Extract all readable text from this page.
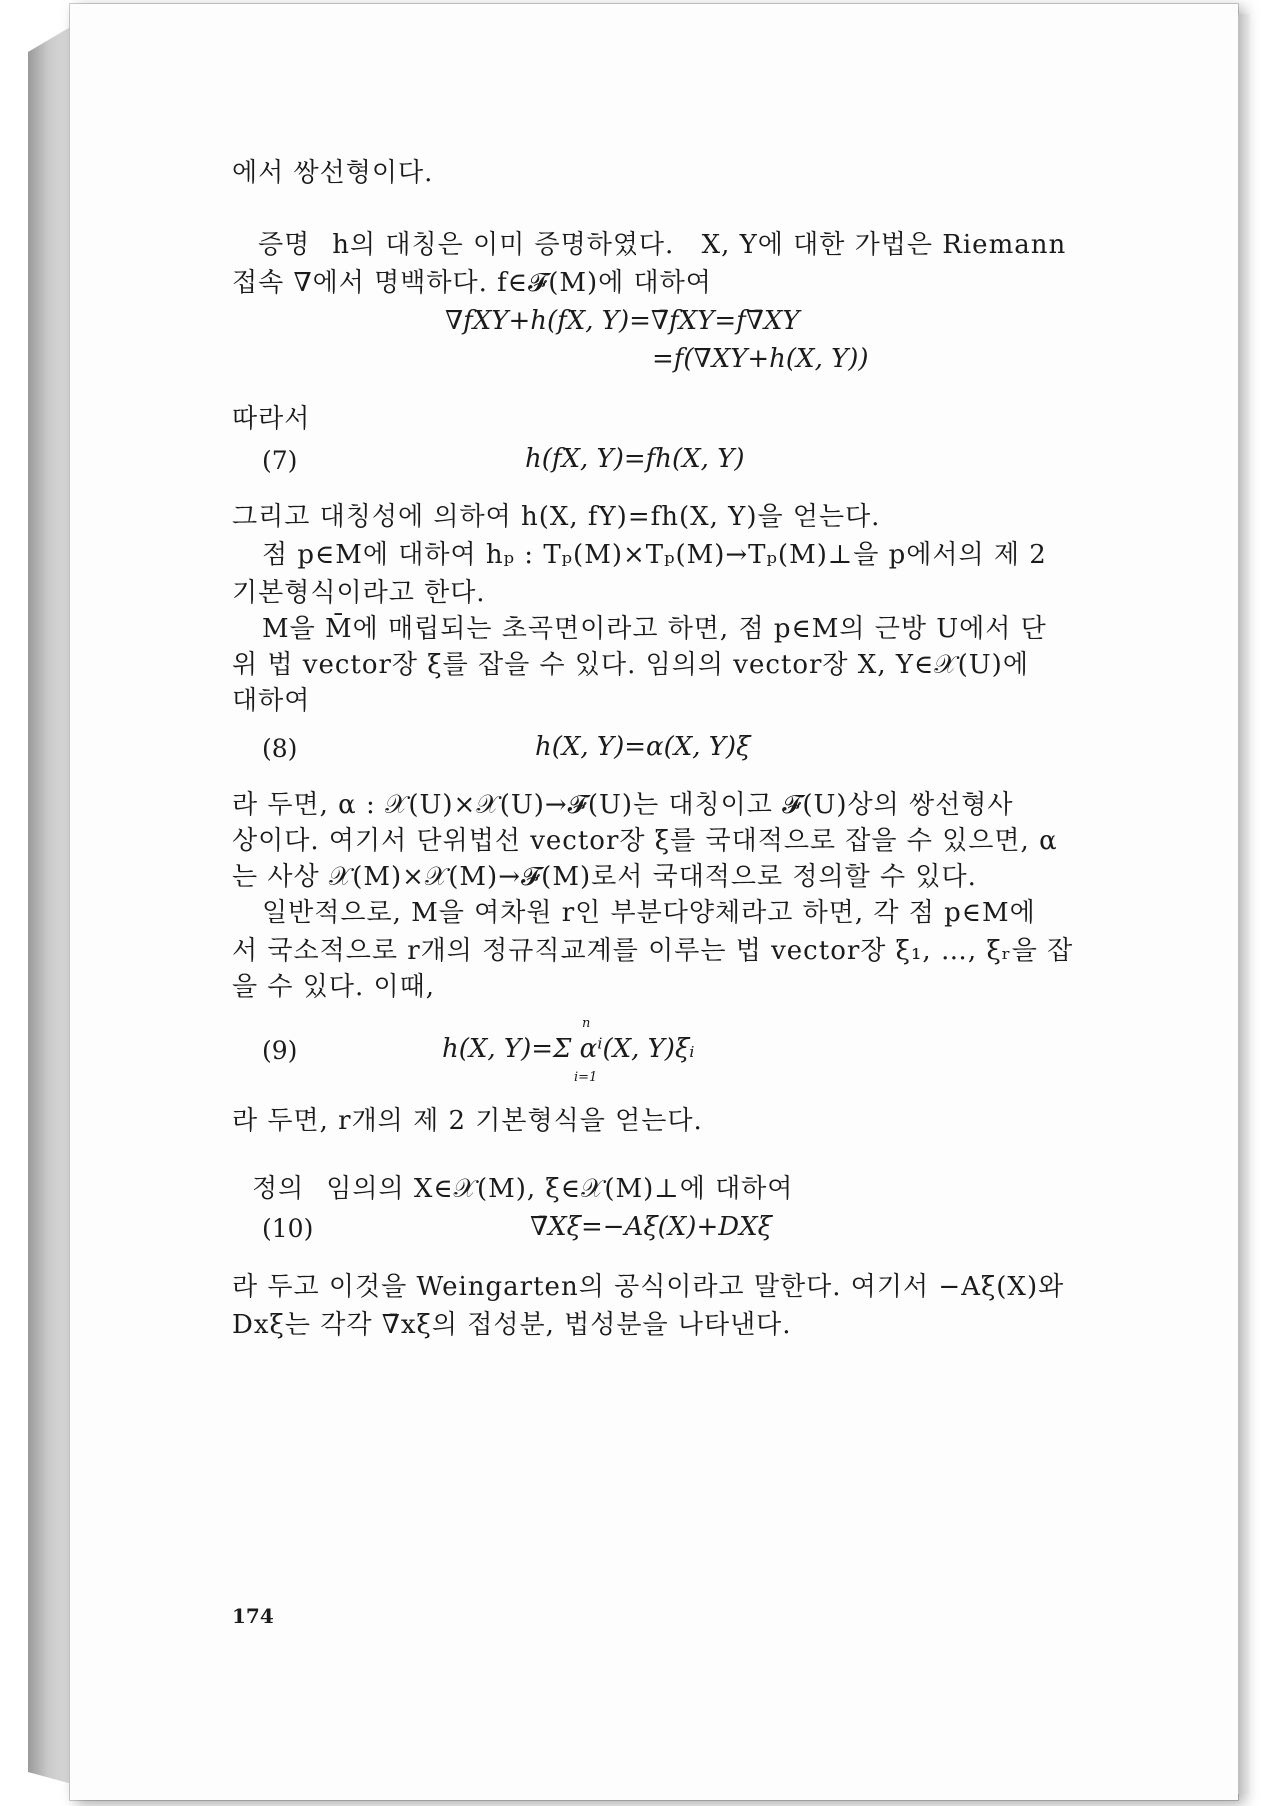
에서 쌍선형이다.
증명 h의 대칭은 이미 증명하였다. X, Y에 대한 가법은 Riemann
접속 ∇에서 명백하다. f∈𝓕(M)에 대하여
∇fXY+h(fX, Y)=∇̄fXY=f∇̄XY
=f(∇XY+h(X, Y))
따라서
(7)	h(fX, Y)=fh(X, Y)
그리고 대칭성에 의하여 h(X, fY)=fh(X, Y)을 얻는다.
점 p∈M에 대하여 hₚ : Tₚ(M)×Tₚ(M)→Tₚ(M)⊥을 p에서의 제 2
기본형식이라고 한다.
M을 M̄에 매립되는 초곡면이라고 하면, 점 p∈M의 근방 U에서 단
위 법 vector장 ξ를 잡을 수 있다. 임의의 vector장 X, Y∈𝒳(U)에
대하여
(8)	h(X, Y)=α(X, Y)ξ
라 두면, α : 𝒳(U)×𝒳(U)→𝓕(U)는 대칭이고 𝓕(U)상의 쌍선형사
상이다. 여기서 단위법선 vector장 ξ를 국대적으로 잡을 수 있으면, α
는 사상 𝒳(M)×𝒳(M)→𝓕(M)로서 국대적으로 정의할 수 있다.
일반적으로, M을 여차원 r인 부분다양체라고 하면, 각 점 p∈M에
서 국소적으로 r개의 정규직교계를 이루는 법 vector장 ξ₁, …, ξᵣ을 잡
을 수 있다. 이때,
(9)	h(X, Y)=Σ αⁱ(X, Y)ξᵢ
n
i=1
라 두면, r개의 제 2 기본형식을 얻는다.
정의 임의의 X∈𝒳(M), ξ∈𝒳(M)⊥에 대하여
(10)	∇̄Xξ=−Aξ(X)+DXξ
라 두고 이것을 Weingarten의 공식이라고 말한다. 여기서 −Aξ(X)와
Dxξ는 각각 ∇̄xξ의 접성분, 법성분을 나타낸다.
174
